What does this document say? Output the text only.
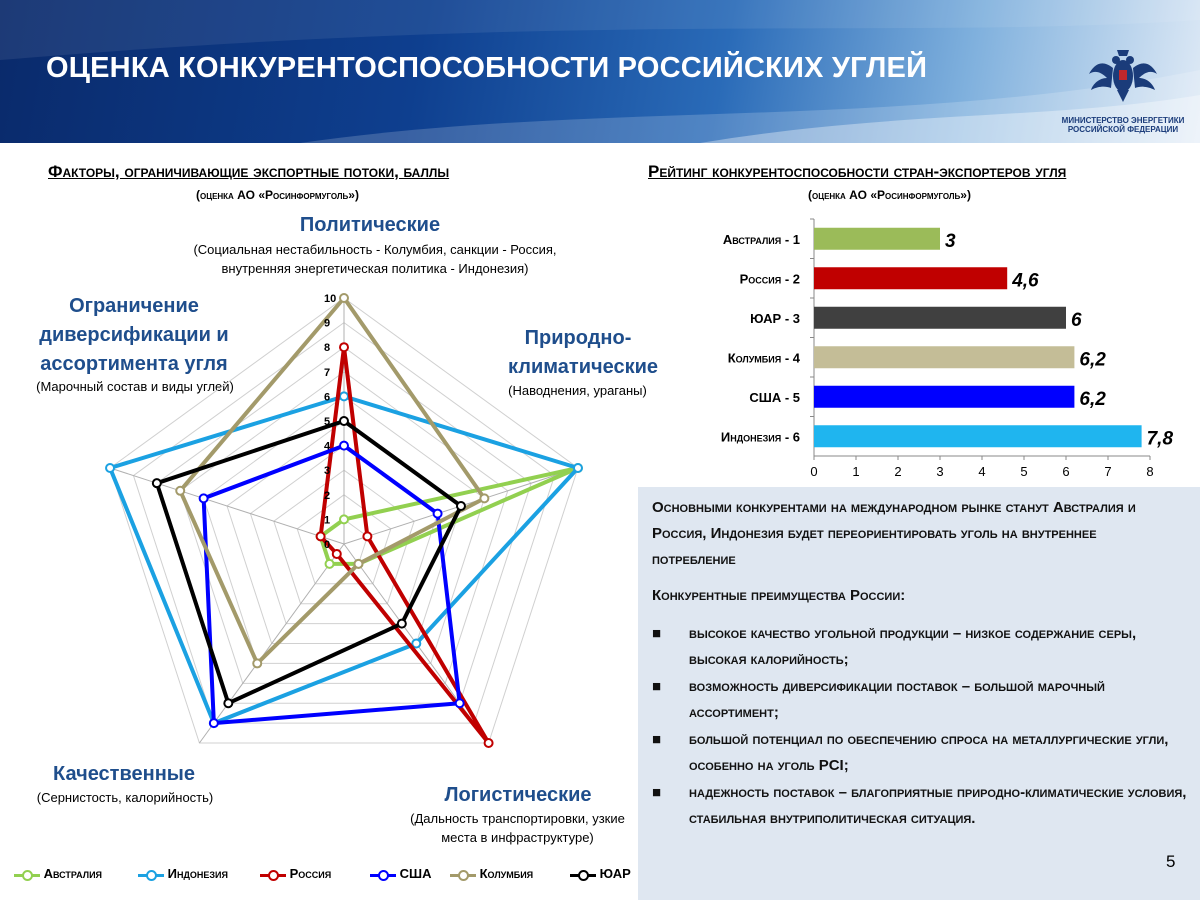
ОЦЕНКА КОНКУРЕНТОСПОСОБНОСТИ РОССИЙСКИХ УГЛЕЙ
МИНИСТЕРСТВО ЭНЕРГЕТИКИ
РОССИЙСКОЙ ФЕДЕРАЦИИ
Факторы, ограничивающие экспортные потоки, баллы
(оценка АО «Росинформуголь»)
Рейтинг конкурентоспособности стран-экспортеров угля
(оценка АО «Росинформуголь»)
Политические
(Социальная нестабильность - Колумбия, санкции - Россия, внутренняя энергетическая политика - Индонезия)
Природно-климатические
(Наводнения, ураганы)
Логистические
(Дальность транспортировки, узкие места в инфраструктуре)
Качественные
(Сернистость, калорийность)
Ограничение диверсификации и ассортимента угля
(Марочный состав и виды углей)
0
1
2
3
4
5
6
7
8
9
10
Австралия	Индонезия	Россия	США	Колумбия	ЮАР
0	1	2	3	4	5	6	7	8
Австралия - 1	3
Россия - 2	4,6
ЮАР - 3	6
Колумбия - 4	6,2
США - 5	6,2
Индонезия - 6	7,8
Основными конкурентами на международном рынке станут Австралия и Россия, Индонезия будет переориентировать уголь на внутреннее потребление
Конкурентные преимущества России:
■ высокое качество угольной продукции – низкое содержание серы, высокая калорийность;
■ возможность диверсификации поставок – большой марочный ассортимент;
■ большой потенциал по обеспечению спроса на металлургические угли, особенно на уголь PCI;
■ надежность поставок – благоприятные природно-климатические условия, стабильная внутриполитическая ситуация.
5
